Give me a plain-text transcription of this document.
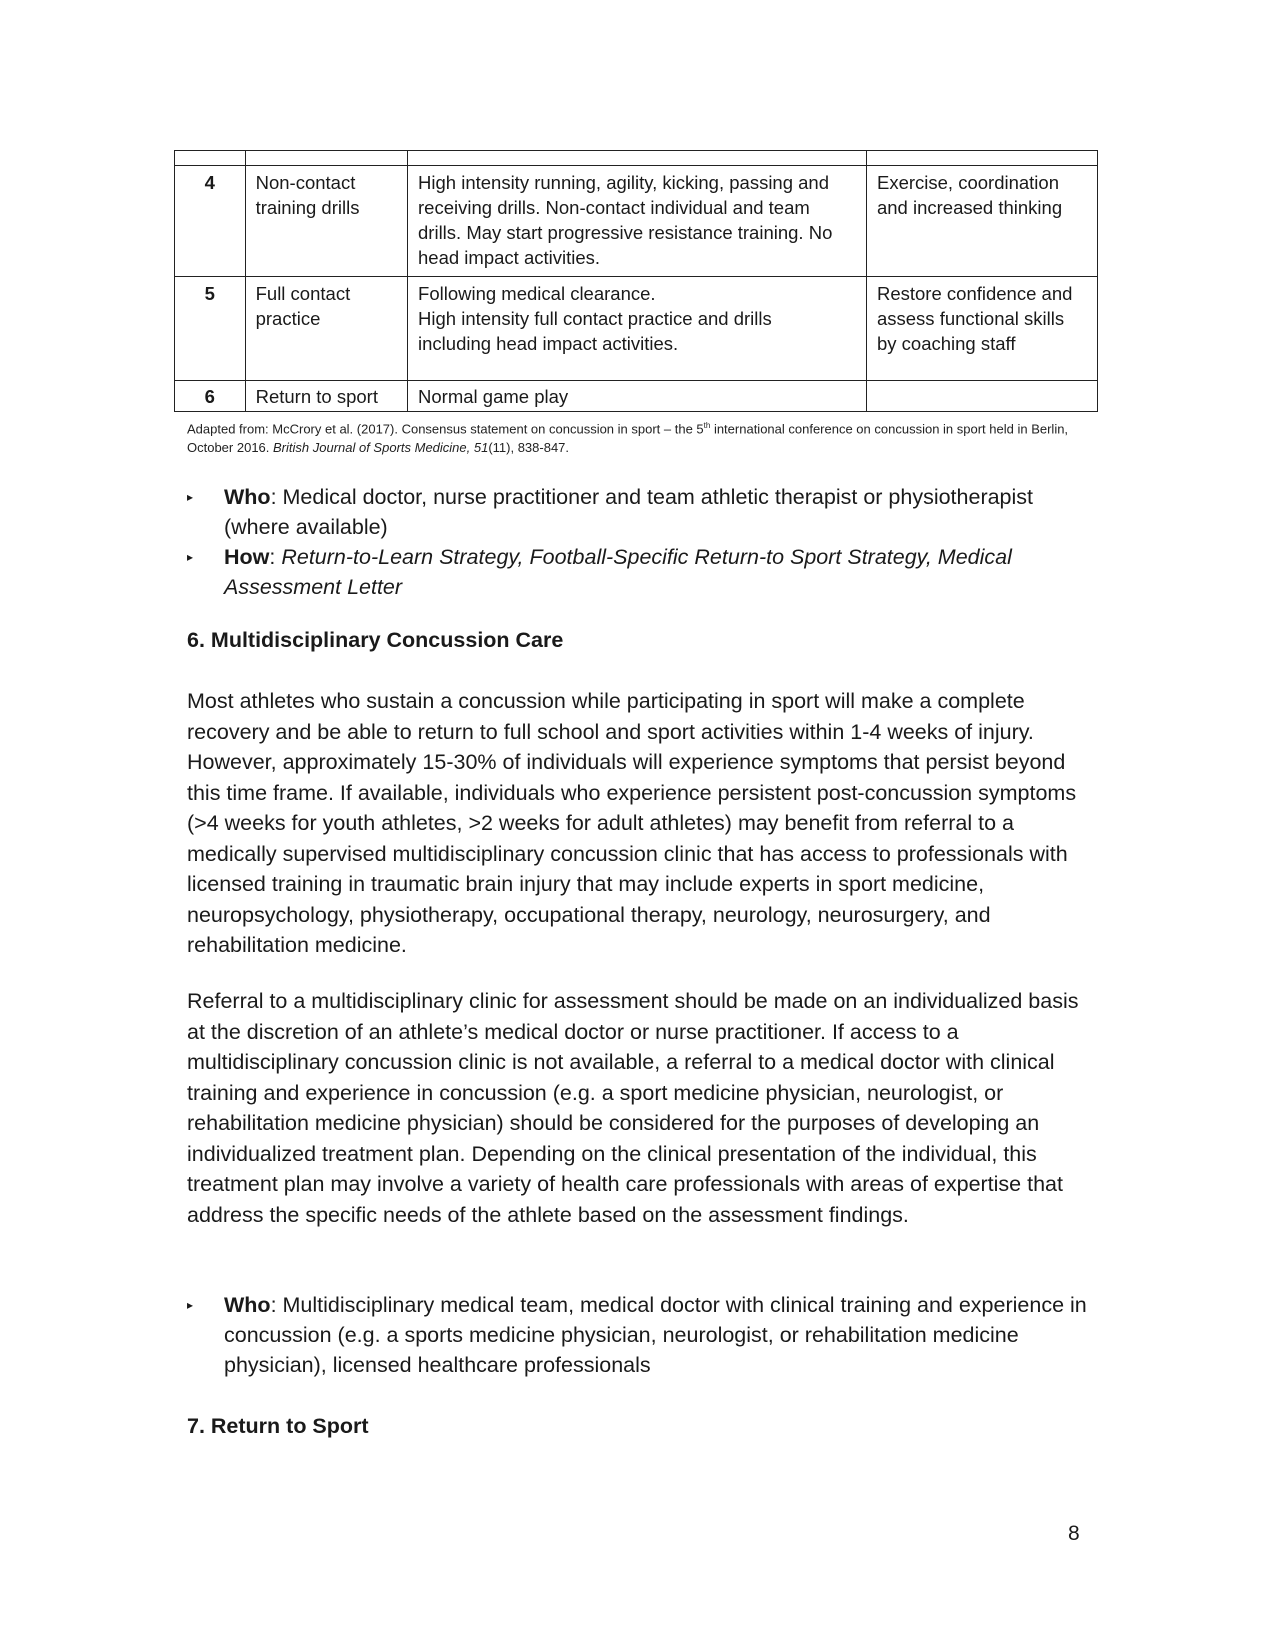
4	Non-contact
training drills	High intensity running, agility, kicking, passing and
receiving drills. Non-contact individual and team
drills. May start progressive resistance training. No
head impact activities.	Exercise, coordination
and increased thinking

5	Full contact
practice	Following medical clearance.
High intensity full contact practice and drills
including head impact activities.	Restore confidence and
assess functional skills
by coaching staff

6	Return to sport	Normal game play	

Adapted from: McCrory et al. (2017). Consensus statement on concussion in sport – the 5th international conference on concussion in sport held in Berlin, October 2016. British Journal of Sports Medicine, 51(11), 838-847.

▸ Who: Medical doctor, nurse practitioner and team athletic therapist or physiotherapist (where available)

▸ How: Return-to-Learn Strategy, Football-Specific Return-to Sport Strategy, Medical Assessment Letter

6. Multidisciplinary Concussion Care

Most athletes who sustain a concussion while participating in sport will make a complete recovery and be able to return to full school and sport activities within 1-4 weeks of injury. However, approximately 15-30% of individuals will experience symptoms that persist beyond this time frame. If available, individuals who experience persistent post-concussion symptoms (>4 weeks for youth athletes, >2 weeks for adult athletes) may benefit from referral to a medically supervised multidisciplinary concussion clinic that has access to professionals with licensed training in traumatic brain injury that may include experts in sport medicine, neuropsychology, physiotherapy, occupational therapy, neurology, neurosurgery, and rehabilitation medicine.

Referral to a multidisciplinary clinic for assessment should be made on an individualized basis at the discretion of an athlete’s medical doctor or nurse practitioner. If access to a multidisciplinary concussion clinic is not available, a referral to a medical doctor with clinical training and experience in concussion (e.g. a sport medicine physician, neurologist, or rehabilitation medicine physician) should be considered for the purposes of developing an individualized treatment plan. Depending on the clinical presentation of the individual, this treatment plan may involve a variety of health care professionals with areas of expertise that address the specific needs of the athlete based on the assessment findings.

▸ Who: Multidisciplinary medical team, medical doctor with clinical training and experience in concussion (e.g. a sports medicine physician, neurologist, or rehabilitation medicine physician), licensed healthcare professionals

7. Return to Sport
8
